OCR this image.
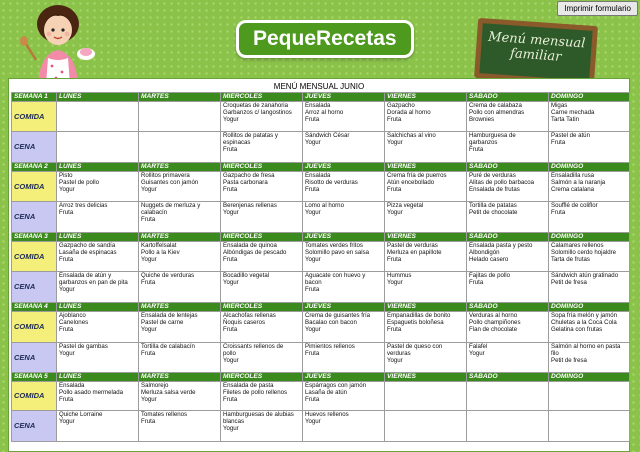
Imprimir formulario
PequeRecetas	Menú mensual
familiar
MENÚ MENSUAL JUNIO
SEMANA 1	LUNES	MARTES	MIÉRCOLES	JUEVES	VIERNES	SÁBADO	DOMINGO
COMIDA			Croquetas de zanahoria
Garbanzos c/ langostinos
Yogur	Ensalada
Arroz al horno
Fruta	Gazpacho
Dorada al horno
Fruta	Crema de calabaza
Pollo con almendras
Brownies	Migas
Carne mechada
Tarta Tatin

CENA			Rollitos de patatas y
espinacas
Fruta	Sándwich César
Yogur	Salchichas al vino
Yogur	Hamburguesa de
garbanzos
Fruta	Pastel de atún
Fruta

SEMANA 2	LUNES	MARTES	MIÉRCOLES	JUEVES	VIERNES	SÁBADO	DOMINGO
COMIDA	Pisto
Pastel de pollo
Yogur	Rollitos primavera
Guisantes con jamón
Yogur	Gazpacho de fresa
Pasta carbonara
Fruta	Ensalada
Risotto de verduras
Fruta	Crema fría de puerros
Atún encebollado
Fruta	Puré de verduras
Alitas de pollo barbacoa
Ensalada de frutas	Ensaladilla rusa
Salmón a la naranja
Crema catalana

CENA	Arroz tres delicias
Fruta	Nuggets de merluza y
calabacín
Fruta	Berenjenas rellenas
Yogur	Lomo al horno
Yogur	Pizza vegetal
Yogur	Tortilla de patatas
Petit de chocolate	Soufflé de coliflor
Fruta

SEMANA 3	LUNES	MARTES	MIÉRCOLES	JUEVES	VIERNES	SÁBADO	DOMINGO
COMIDA	Gazpacho de sandía
Lasaña de espinacas
Fruta	Kartoffelsalat
Pollo a la Kiev
Yogur	Ensalada de quinoa
Albóndigas de pescado
Fruta	Tomates verdes fritos
Solomillo pavo en salsa
Yogur	Pastel de verduras
Merluza en papillote
Fruta	Ensalada pasta y pesto
Albondigón
Helado casero	Calamares rellenos
Solomillo cerdo hojaldre
Tarta de frutas

CENA	Ensalada de atún y
garbanzos en pan de pita
Yogur	Quiche de verduras
Fruta	Bocadillo vegetal
Yogur	Aguacate con huevo y
bacon
Fruta	Hummus
Yogur	Fajitas de pollo
Fruta	Sándwich atún gratinado
Petit de fresa

SEMANA 4	LUNES	MARTES	MIÉRCOLES	JUEVES	VIERNES	SÁBADO	DOMINGO
COMIDA	Ajoblanco
Canelones
Fruta	Ensalada de lentejas
Pastel de carne
Yogur	Alcachofas rellenas
Ñoquis caseros
Fruta	Crema de guisantes fría
Bacalao con bacon
Yogur	Empanadillas de bonito
Espaguetis boloñesa
Fruta	Verduras al horno
Pollo champiñones
Flan de chocolate	Sopa fría melón y jamón
Chuletas a la Coca Cola
Gelatina con frutas

CENA	Pastel de gambas
Yogur	Tortilla de calabacín
Fruta	Croissants rellenos de
pollo
Yogur	Pimientos rellenos
Fruta	Pastel de queso con
verduras
Yogur	Falafel
Yogur	Salmón al horno en pasta
filo
Petit de fresa

SEMANA 5	LUNES	MARTES	MIÉRCOLES	JUEVES	VIERNES	SÁBADO	DOMINGO
COMIDA	Ensalada
Pollo asado mermelada
Fruta	Salmorejo
Merluza salsa verde
Yogur	Ensalada de pasta
Filetes de pollo rellenos
Fruta	Espárragos con jamón
Lasaña de atún
Fruta			

CENA	Quiche Lorraine
Yogur	Tomates rellenos
Fruta	Hamburguesas de alubias
blancas
Yogur	Huevos rellenos
Yogur			
